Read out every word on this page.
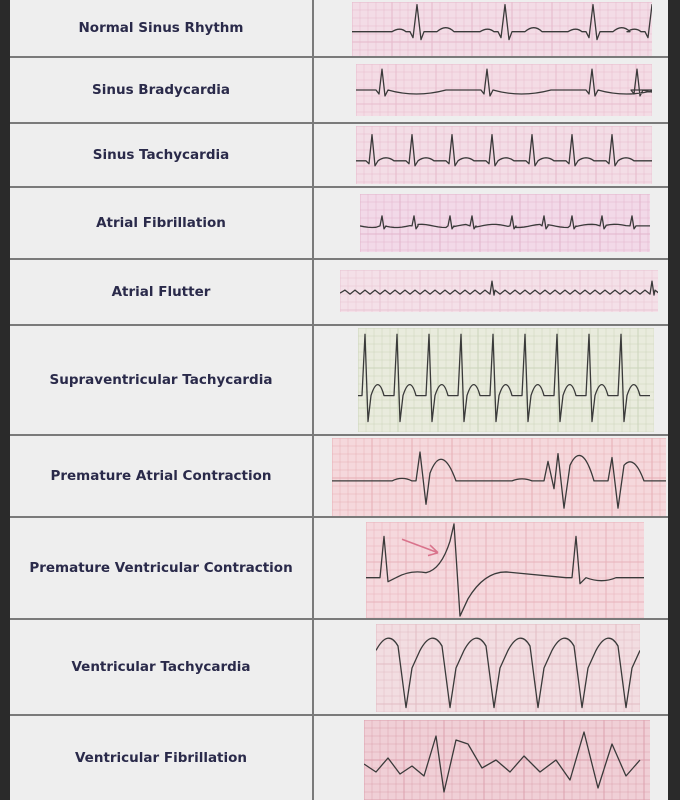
Normal Sinus Rhythm
Sinus Bradycardia
Sinus Tachycardia
Atrial Fibrillation
Atrial Flutter
Supraventricular Tachycardia
Premature Atrial Contraction
Premature Ventricular Contraction
Ventricular Tachycardia
Ventricular Fibrillation
